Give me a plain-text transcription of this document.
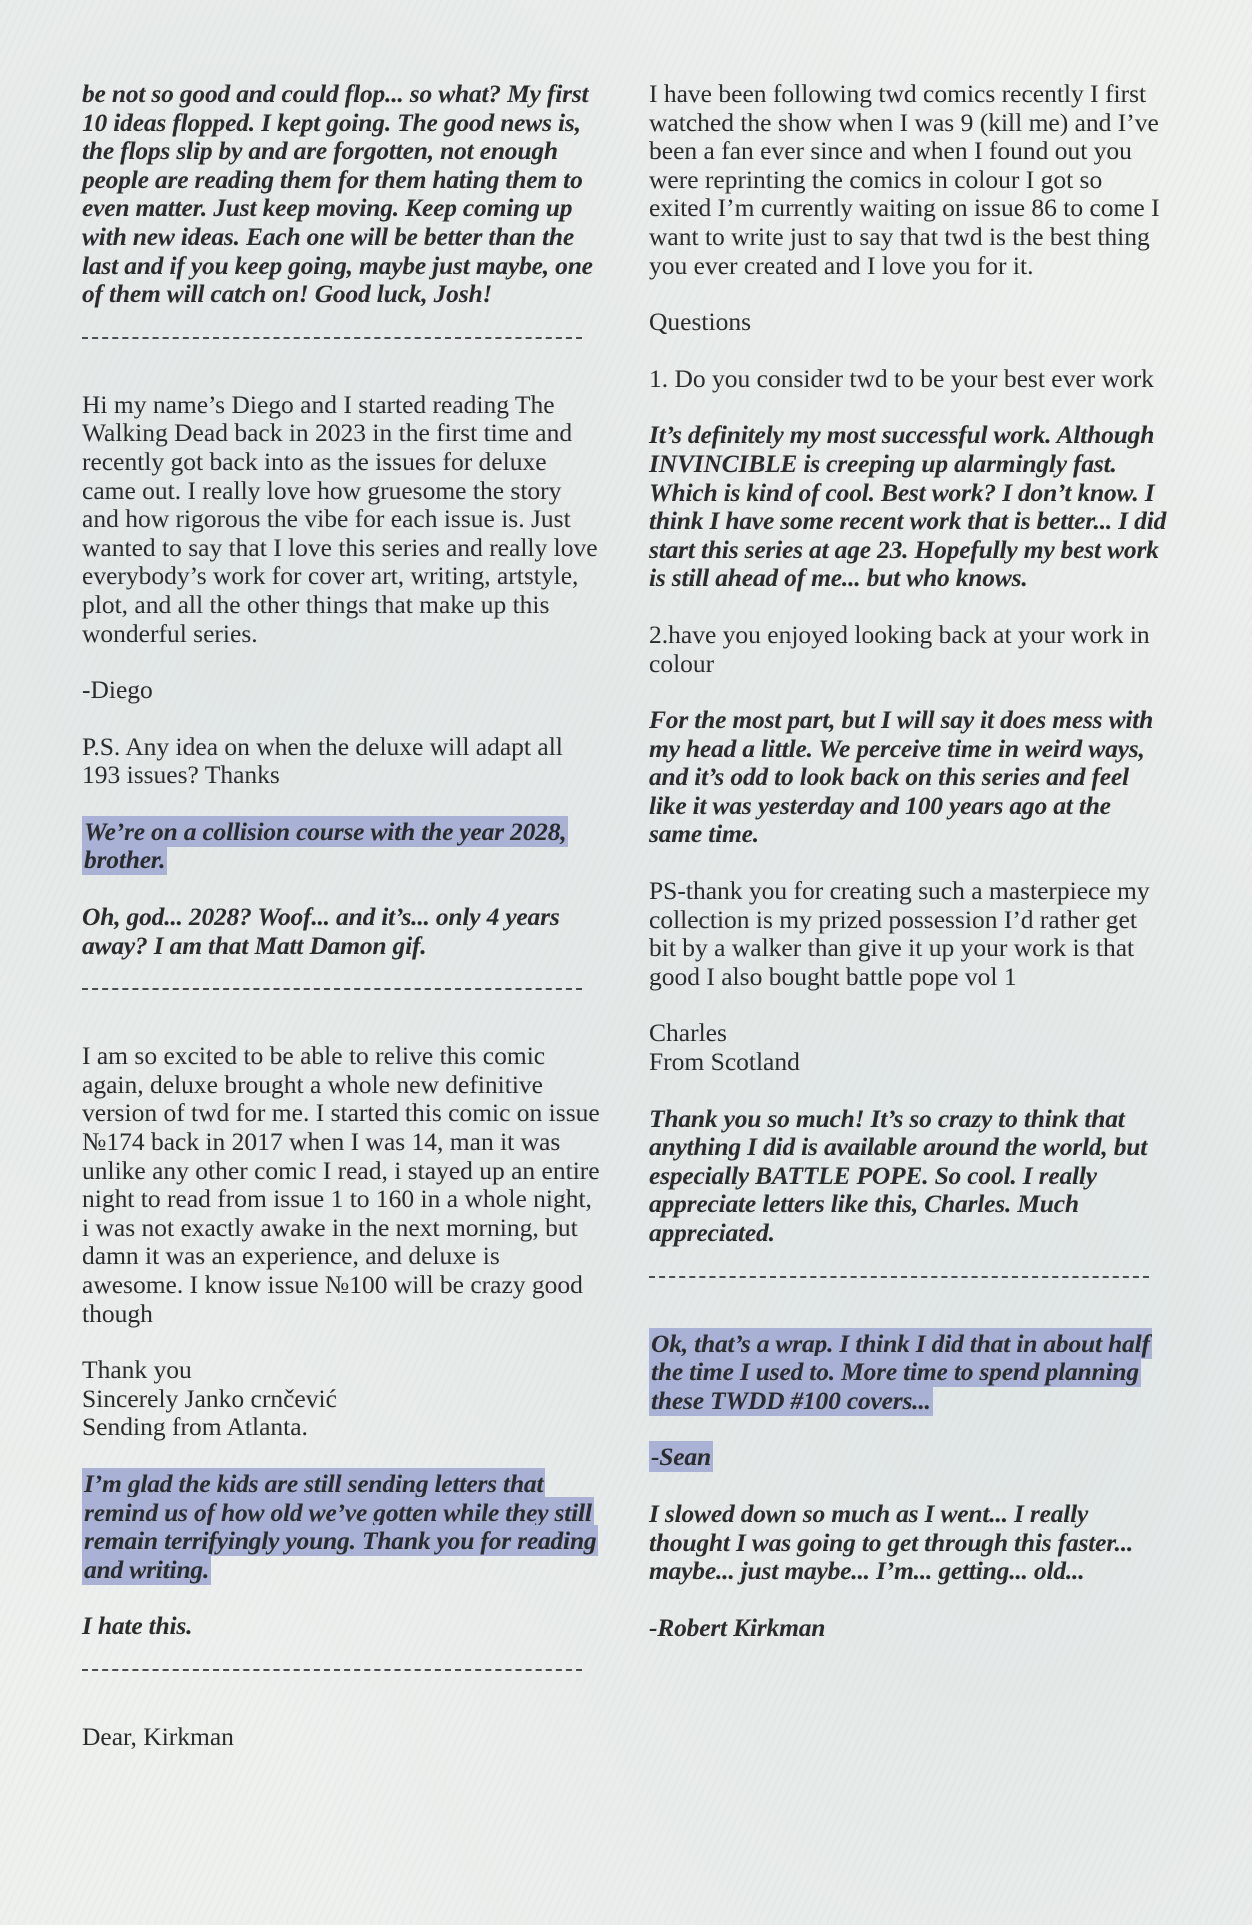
be not so good and could flop... so what? My first 10 ideas flopped. I kept going. The good news is, the flops slip by and are forgotten, not enough people are reading them for them hating them to even matter. Just keep moving. Keep coming up with new ideas. Each one will be better than the last and if you keep going, maybe just maybe, one of them will catch on! Good luck, Josh!

Hi my name’s Diego and I started reading The Walking Dead back in 2023 in the first time and recently got back into as the issues for deluxe came out. I really love how gruesome the story and how rigorous the vibe for each issue is. Just wanted to say that I love this series and really love everybody’s work for cover art, writing, artstyle, plot, and all the other things that make up this wonderful series.

-Diego

P.S. Any idea on when the deluxe will adapt all 193 issues? Thanks

We’re on a collision course with the year 2028, brother.

Oh, god... 2028? Woof... and it’s... only 4 years away? I am that Matt Damon gif.

I am so excited to be able to relive this comic again, deluxe brought a whole new definitive version of twd for me. I started this comic on issue №174 back in 2017 when I was 14, man it was unlike any other comic I read, i stayed up an entire night to read from issue 1 to 160 in a whole night, i was not exactly awake in the next morning, but damn it was an experience, and deluxe is awesome. I know issue №100 will be crazy good though

Thank you
Sincerely Janko crnčević
Sending from Atlanta.

I’m glad the kids are still sending letters that remind us of how old we’ve gotten while they still remain terrifyingly young. Thank you for reading and writing.

I hate this.

Dear, Kirkman

I have been following twd comics recently I first watched the show when I was 9 (kill me) and I’ve been a fan ever since and when I found out you were reprinting the comics in colour I got so exited I’m currently waiting on issue 86 to come I want to write just to say that twd is the best thing you ever created and I love you for it.

Questions

1. Do you consider twd to be your best ever work

It’s definitely my most successful work. Although INVINCIBLE is creeping up alarmingly fast. Which is kind of cool. Best work? I don’t know. I think I have some recent work that is better... I did start this series at age 23. Hopefully my best work is still ahead of me... but who knows.

2.have you enjoyed looking back at your work in colour

For the most part, but I will say it does mess with my head a little. We perceive time in weird ways, and it’s odd to look back on this series and feel like it was yesterday and 100 years ago at the same time.

PS-thank you for creating such a masterpiece my collection is my prized possession I’d rather get bit by a walker than give it up your work is that good I also bought battle pope vol 1

Charles
From Scotland

Thank you so much! It’s so crazy to think that anything I did is available around the world, but especially BATTLE POPE. So cool. I really appreciate letters like this, Charles. Much appreciated.

Ok, that’s a wrap. I think I did that in about half the time I used to. More time to spend planning these TWDD #100 covers...

-Sean

I slowed down so much as I went... I really thought I was going to get through this faster... maybe... just maybe... I’m... getting... old...

-Robert Kirkman
